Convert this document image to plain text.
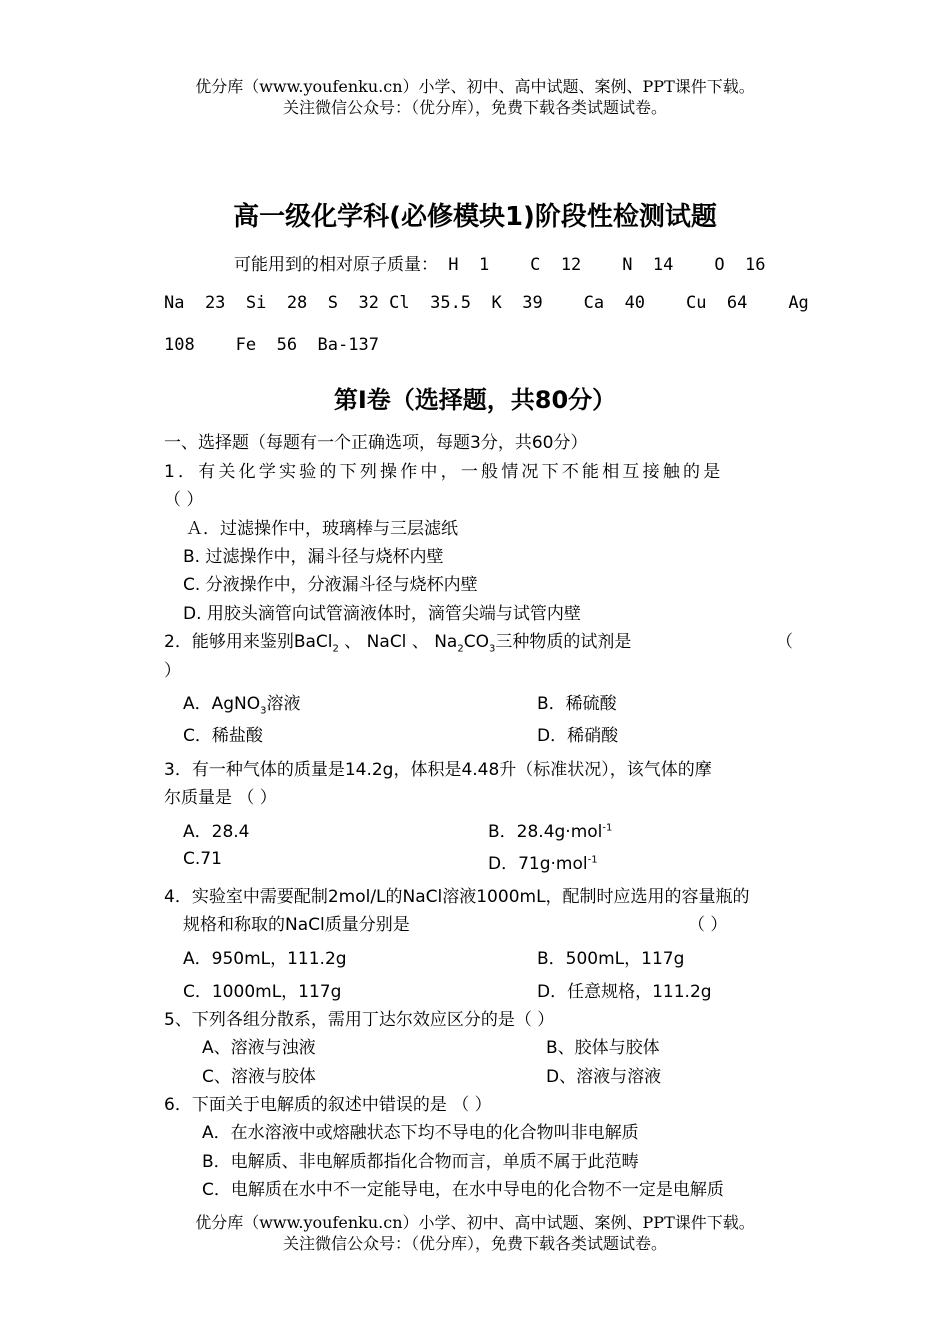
优分库（www.youfenku.cn）小学、初中、高中试题、案例、PPT课件下载。
关注微信公众号：（优分库），免费下载各类试题试卷。
高一级化学科(必修模块1)阶段性检测试题
可能用到的相对原子质量： H  1    C  12    N  14    O  16
Na  23  Si  28  S  32 Cl  35.5  K  39    Ca  40    Cu  64    Ag
108    Fe  56  Ba-137
第Ⅰ卷（选择题，共80分）
一、选择题（每题有一个正确选项，每题3分，共60分）
1．有关化学实验的下列操作中，一般情况下不能相互接触的是
（ ）
Ａ．过滤操作中，玻璃棒与三层滤纸
B. 过滤操作中，漏斗径与烧杯内壁
C. 分液操作中，分液漏斗径与烧杯内壁
D. 用胶头滴管向试管滴液体时，滴管尖端与试管内壁
2．能够用来鉴别BaCl$_2$ 、 NaCl 、 $Na_2CO_3$三种物质的试剂是	（
）
A．AgNO$_3$溶液	B．稀硫酸
C．稀盐酸	D．稀硝酸
3．有一种气体的质量是14.2g，体积是4.48升（标准状况），该气体的摩
尔质量是 （ ）
A．28.4	B．28.4g·mol$^{-1}$
C.71	D．71g·mol$^{-1}$
4．实验室中需要配制2mol/L的NaCl溶液1000mL，配制时应选用的容量瓶的
规格和称取的NaCl质量分别是	（ ）
A．950mL，111.2g	B．500mL，117g
C．1000mL，117g	D．任意规格，111.2g
5、下列各组分散系，需用丁达尔效应区分的是（ ）
A、溶液与浊液	B、胶体与胶体
C、溶液与胶体	D、溶液与溶液
6．下面关于电解质的叙述中错误的是 （ ）
A．在水溶液中或熔融状态下均不导电的化合物叫非电解质
B．电解质、非电解质都指化合物而言，单质不属于此范畴
C．电解质在水中不一定能导电，在水中导电的化合物不一定是电解质
优分库（www.youfenku.cn）小学、初中、高中试题、案例、PPT课件下载。
关注微信公众号：（优分库），免费下载各类试题试卷。
